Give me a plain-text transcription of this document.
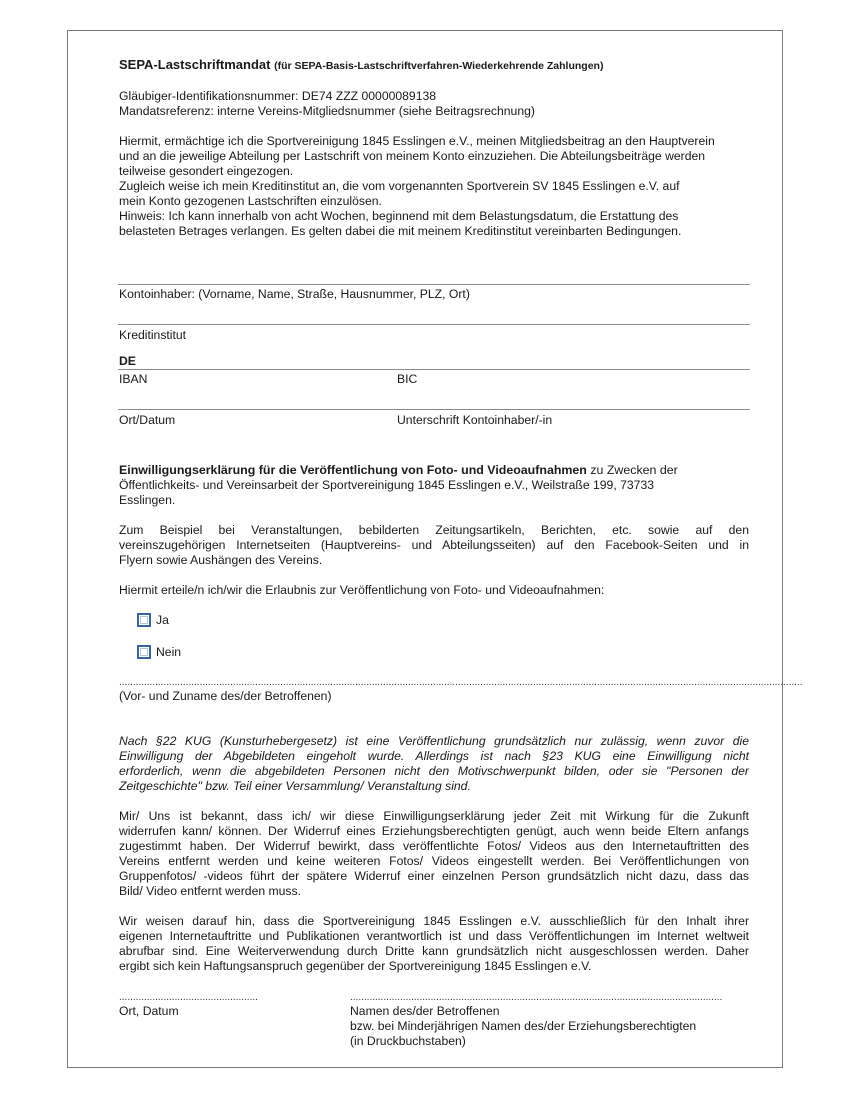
SEPA-Lastschriftmandat (für SEPA-Basis-Lastschriftverfahren-Wiederkehrende Zahlungen)
Gläubiger-Identifikationsnummer: DE74 ZZZ 00000089138
Mandatsreferenz: interne Vereins-Mitgliedsnummer (siehe Beitragsrechnung)
Hiermit, ermächtige ich die Sportvereinigung 1845 Esslingen e.V., meinen Mitgliedsbeitrag an den Hauptverein
und an die jeweilige Abteilung per Lastschrift von meinem Konto einzuziehen. Die Abteilungsbeiträge werden
teilweise gesondert eingezogen.
Zugleich weise ich mein Kreditinstitut an, die vom vorgenannten Sportverein SV 1845 Esslingen e.V. auf
mein Konto gezogenen Lastschriften einzulösen.
Hinweis: Ich kann innerhalb von acht Wochen, beginnend mit dem Belastungsdatum, die Erstattung des
belasteten Betrages verlangen. Es gelten dabei die mit meinem Kreditinstitut vereinbarten Bedingungen.
Kontoinhaber: (Vorname, Name, Straße, Hausnummer, PLZ, Ort)
Kreditinstitut
DE
IBAN	BIC
Ort/Datum	Unterschrift Kontoinhaber/-in
Einwilligungserklärung für die Veröffentlichung von Foto- und Videoaufnahmen zu Zwecken der
Öffentlichkeits- und Vereinsarbeit der Sportvereinigung 1845 Esslingen e.V., Weilstraße 199, 73733
Esslingen.
Zum Beispiel bei Veranstaltungen, bebilderten Zeitungsartikeln, Berichten, etc. sowie auf den
vereinszugehörigen Internetseiten (Hauptvereins- und Abteilungsseiten) auf den Facebook-Seiten und in
Flyern sowie Aushängen des Vereins.
Hiermit erteile/n ich/wir die Erlaubnis zur Veröffentlichung von Foto- und Videoaufnahmen:
Ja
Nein
......................................................................................................................................................................................................................................................
(Vor- und Zuname des/der Betroffenen)
Nach §22 KUG (Kunsturhebergesetz) ist eine Veröffentlichung grundsätzlich nur zulässig, wenn zuvor die
Einwilligung der Abgebildeten eingeholt wurde. Allerdings ist nach §23 KUG eine Einwilligung nicht
erforderlich, wenn die abgebildeten Personen nicht den Motivschwerpunkt bilden, oder sie "Personen der
Zeitgeschichte" bzw. Teil einer Versammlung/ Veranstaltung sind.
Mir/ Uns ist bekannt, dass ich/ wir diese Einwilligungserklärung jeder Zeit mit Wirkung für die Zukunft
widerrufen kann/ können. Der Widerruf eines Erziehungsberechtigten genügt, auch wenn beide Eltern anfangs
zugestimmt haben. Der Widerruf bewirkt, dass veröffentlichte Fotos/ Videos aus den Internetauftritten des
Vereins entfernt werden und keine weiteren Fotos/ Videos eingestellt werden. Bei Veröffentlichungen von
Gruppenfotos/ -videos führt der spätere Widerruf einer einzelnen Person grundsätzlich nicht dazu, dass das
Bild/ Video entfernt werden muss.
Wir weisen darauf hin, dass die Sportvereinigung 1845 Esslingen e.V. ausschließlich für den Inhalt ihrer
eigenen Internetauftritte und Publikationen verantwortlich ist und dass Veröffentlichungen im Internet weltweit
abrufbar sind. Eine Weiterverwendung durch Dritte kann grundsätzlich nicht ausgeschlossen werden. Daher
ergibt sich kein Haftungsanspruch gegenüber der Sportvereinigung 1845 Esslingen e.V.
..................................................	......................................................................................................................................
Ort, Datum	Namen des/der Betroffenen
bzw. bei Minderjährigen Namen des/der Erziehungsberechtigten
(in Druckbuchstaben)
